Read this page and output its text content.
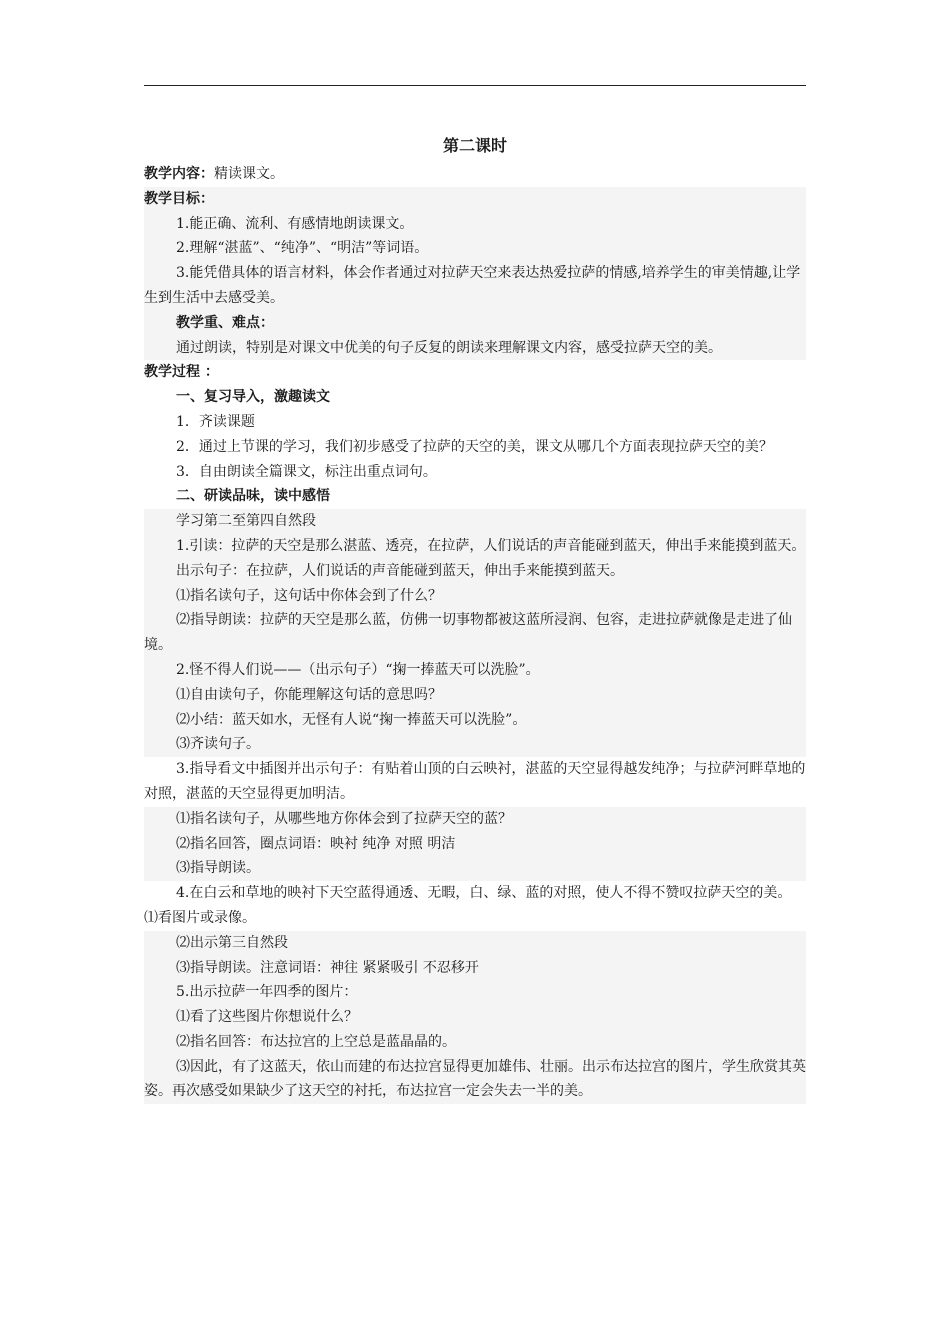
第二课时

教学内容：精读课文。

教学目标：

1.能正确、流利、有感情地朗读课文。

2.理解“湛蓝”、“纯净”、“明洁”等词语。

3.能凭借具体的语言材料，体会作者通过对拉萨天空来表达热爱拉萨的情感,培养学生的审美情趣,让学生到生活中去感受美。

教学重、难点：

通过朗读，特别是对课文中优美的句子反复的朗读来理解课文内容，感受拉萨天空的美。

教学过程 ：

一、复习导入，激趣读文

1．齐读课题

2．通过上节课的学习，我们初步感受了拉萨的天空的美，课文从哪几个方面表现拉萨天空的美？

3．自由朗读全篇课文，标注出重点词句。

二、研读品味，读中感悟

学习第二至第四自然段

1.引读：拉萨的天空是那么湛蓝、透亮，在拉萨，人们说话的声音能碰到蓝天，伸出手来能摸到蓝天。

出示句子：在拉萨，人们说话的声音能碰到蓝天，伸出手来能摸到蓝天。

⑴指名读句子，这句话中你体会到了什么？

⑵指导朗读：拉萨的天空是那么蓝，仿佛一切事物都被这蓝所浸润、包容，走进拉萨就像是走进了仙境。

2.怪不得人们说——（出示句子）“掬一捧蓝天可以洗脸”。

⑴自由读句子，你能理解这句话的意思吗？

⑵小结：蓝天如水，无怪有人说“掬一捧蓝天可以洗脸”。

⑶齐读句子。

3.指导看文中插图并出示句子：有贴着山顶的白云映衬，湛蓝的天空显得越发纯净；与拉萨河畔草地的对照，湛蓝的天空显得更加明洁。

⑴指名读句子，从哪些地方你体会到了拉萨天空的蓝？

⑵指名回答，圈点词语：映衬 纯净 对照 明洁

⑶指导朗读。

4.在白云和草地的映衬下天空蓝得通透、无暇，白、绿、蓝的对照，使人不得不赞叹拉萨天空的美。

⑴看图片或录像。

⑵出示第三自然段

⑶指导朗读。注意词语：神往 紧紧吸引 不忍移开

5.出示拉萨一年四季的图片：

⑴看了这些图片你想说什么？

⑵指名回答：布达拉宫的上空总是蓝晶晶的。

⑶因此，有了这蓝天，依山而建的布达拉宫显得更加雄伟、壮丽。出示布达拉宫的图片，学生欣赏其英姿。再次感受如果缺少了这天空的衬托，布达拉宫一定会失去一半的美。
